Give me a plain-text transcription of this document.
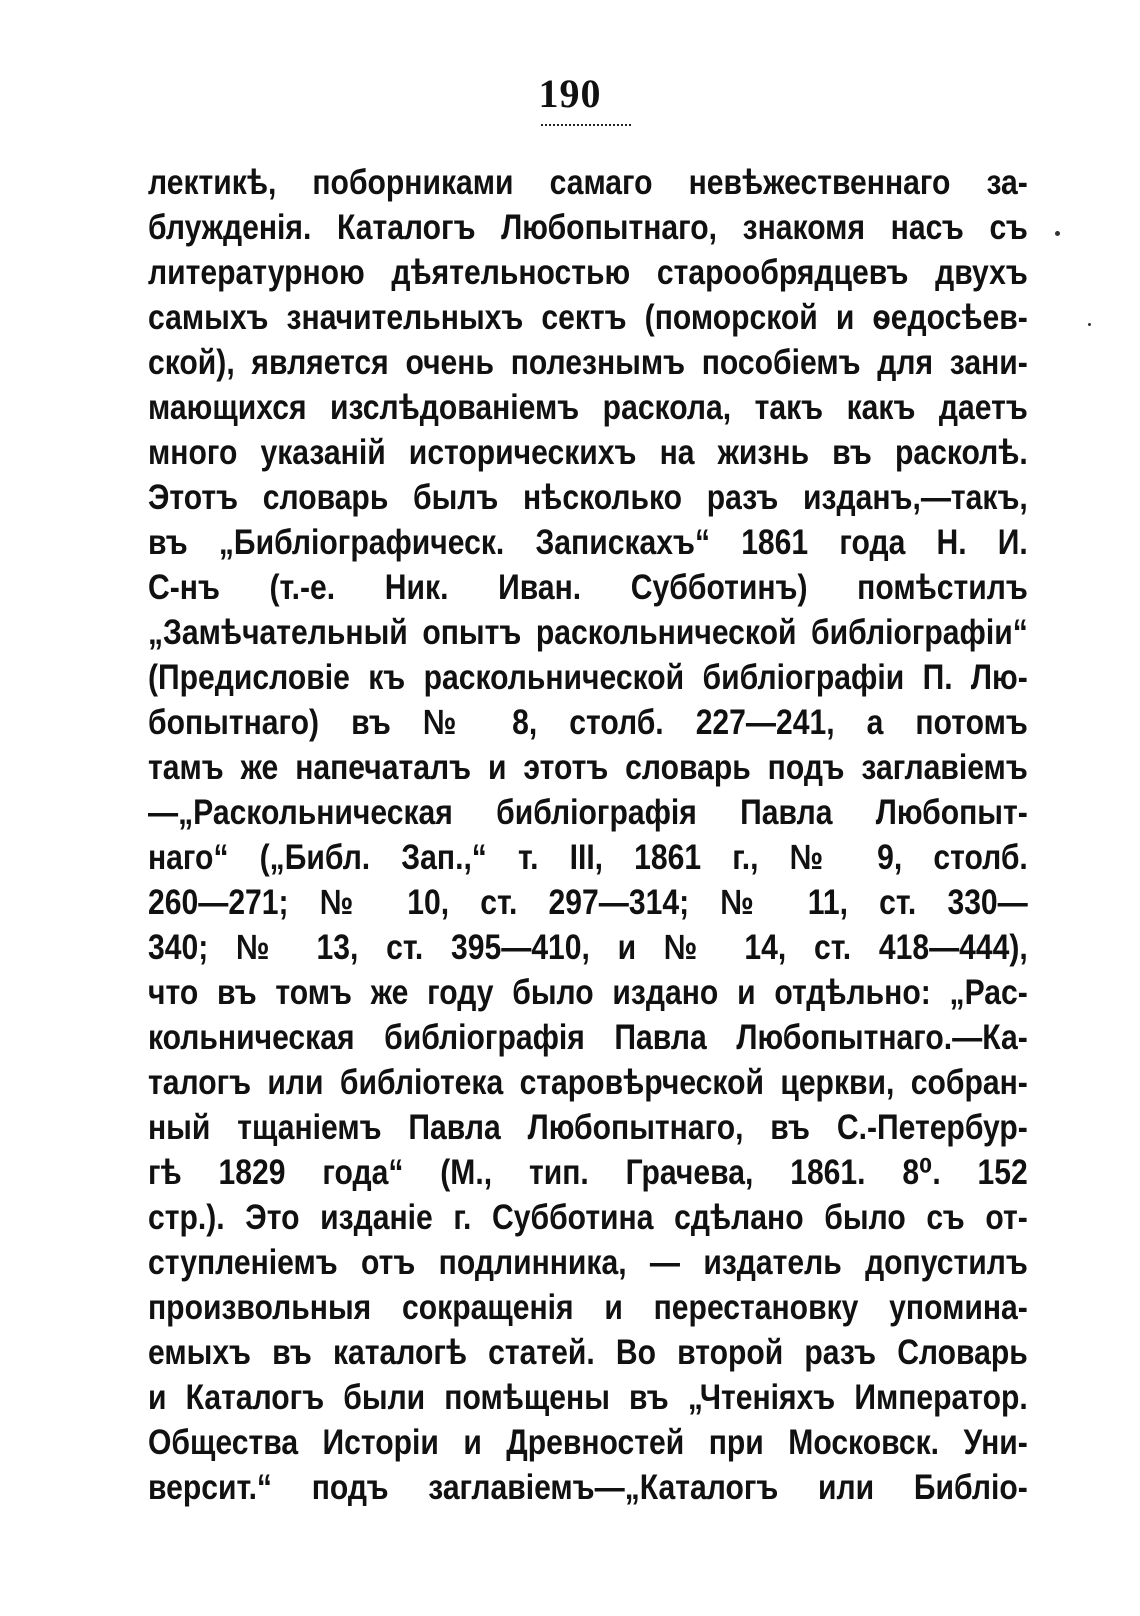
190
лектикѣ, поборниками самаго невѣжественнаго за-
блужденія. Каталогъ Любопытнаго, знакомя насъ съ
литературною дѣятельностью старообрядцевъ двухъ
самыхъ значительныхъ сектъ (поморской и ѳедосѣев-
ской), является очень полезнымъ пособіемъ для зани-
мающихся изслѣдованіемъ раскола, такъ какъ даетъ
много указаній историческихъ на жизнь въ расколѣ.
Этотъ словарь былъ нѣсколько разъ изданъ,—такъ,
въ „Библіографическ. Запискахъ“ 1861 года Н. И.
С-нъ (т.-е. Ник. Иван. Субботинъ) помѣстилъ
„Замѣчательный опытъ раскольнической библіографіи“
(Предисловіе къ раскольнической библіографіи П. Лю-
бопытнаго) въ № 8, столб. 227—241, а потомъ
тамъ же напечаталъ и этотъ словарь подъ заглавіемъ
—„Раскольническая библіографія Павла Любопыт-
наго“ („Библ. Зап.,“ т. III, 1861 г., № 9, столб.
260—271; № 10, ст. 297—314; № 11, ст. 330—
340; № 13, ст. 395—410, и № 14, ст. 418—444),
что въ томъ же году было издано и отдѣльно: „Рас-
кольническая библіографія Павла Любопытнаго.—Ка-
талогъ или библіотека старовѣрческой церкви, собран-
ный тщаніемъ Павла Любопытнаго, въ С.-Петербур-
гѣ 1829 года“ (М., тип. Грачева, 1861. 8⁰. 152
стр.). Это изданіе г. Субботина сдѣлано было съ от-
ступленіемъ отъ подлинника, — издатель допустилъ
произвольныя сокращенія и перестановку упомина-
емыхъ въ каталогѣ статей. Во второй разъ Словарь
и Каталогъ были помѣщены въ „Чтеніяхъ Император.
Общества Исторіи и Древностей при Московск. Уни-
версит.“ подъ заглавіемъ—„Каталогъ или Библіо-
